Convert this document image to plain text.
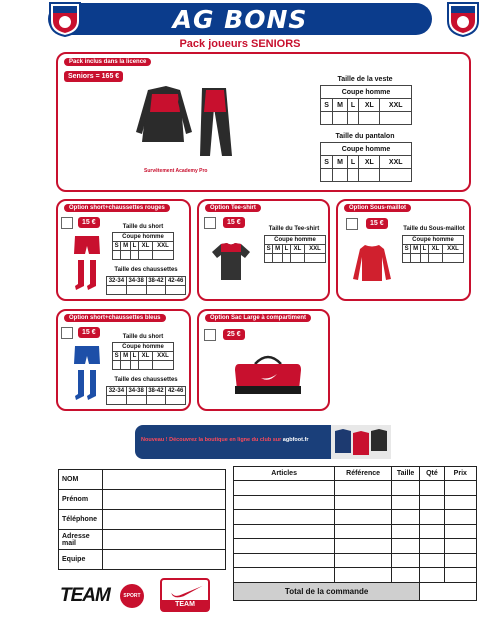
AG BONS
Pack joueurs SENIORS
Pack inclus dans la licence
Seniors = 165 €
Survêtement Academy Pro
Taille de la veste
Coupe homme				
S	M	L	XL	XXL

Taille du pantalon
Coupe homme				
S	M	L	XL	XXL

Option short+chaussettes rouges
15 €
Taille du short
Coupe homme				
S	M	L	XL	XXL

Taille des chaussettes
32-34	34-38	38-42	42-46

Option Tee-shirt
15 €
Taille du Tee-shirt
Coupe homme				
S	M	L	XL	XXL

Option Sous-maillot
15 €
Taille du Sous-maillot
Coupe homme				
S	M	L	XL	XXL

Option short+chaussettes bleus
15 €
Taille du short
Coupe homme				
S	M	L	XL	XXL

Taille des chaussettes
32-34	34-38	38-42	42-46

Option Sac Large à compartiment
25 €
Nouveau ! Découvrez la boutique en ligne du club sur agbfoot.fr
NOM	
Prénom	
Téléphone	
Adresse mail	
Equipe	
Articles	Référence	Taille	Qté	Prix

Total de la commande				
TEAM	SPORT 2000
TEAM
